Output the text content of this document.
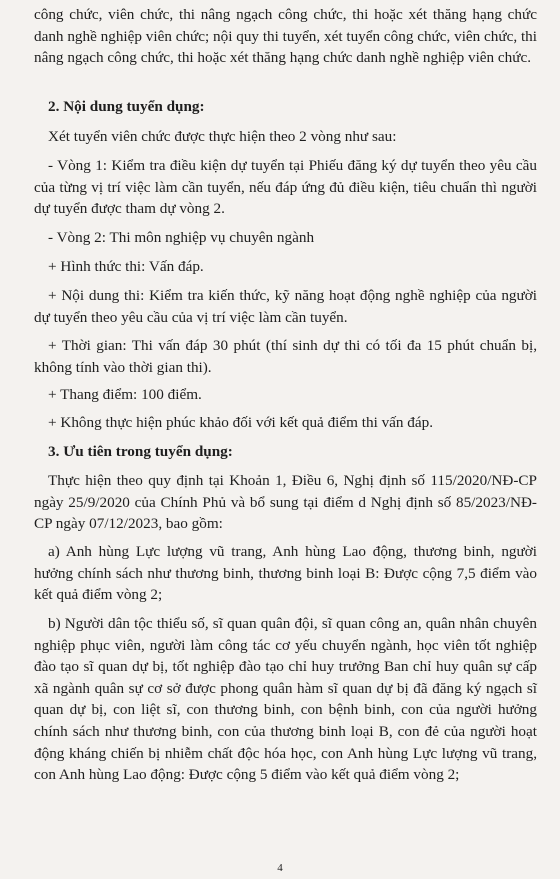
công chức, viên chức, thi nâng ngạch công chức, thi hoặc xét thăng hạng chức danh nghề nghiệp viên chức; nội quy thi tuyển, xét tuyển công chức, viên chức, thi nâng ngạch công chức, thi hoặc xét thăng hạng chức danh nghề nghiệp viên chức.

2. Nội dung tuyển dụng:

Xét tuyển viên chức được thực hiện theo 2 vòng như sau:

- Vòng 1: Kiểm tra điều kiện dự tuyển tại Phiếu đăng ký dự tuyển theo yêu cầu của từng vị trí việc làm cần tuyển, nếu đáp ứng đủ điều kiện, tiêu chuẩn thì người dự tuyển được tham dự vòng 2.

- Vòng 2: Thi môn nghiệp vụ chuyên ngành

+ Hình thức thi: Vấn đáp.

+ Nội dung thi: Kiểm tra kiến thức, kỹ năng hoạt động nghề nghiệp của người dự tuyển theo yêu cầu của vị trí việc làm cần tuyển.

+ Thời gian: Thi vấn đáp 30 phút (thí sinh dự thi có tối đa 15 phút chuẩn bị, không tính vào thời gian thi).

+ Thang điểm: 100 điểm.

+ Không thực hiện phúc khảo đối với kết quả điểm thi vấn đáp.

3. Ưu tiên trong tuyển dụng:

Thực hiện theo quy định tại Khoản 1, Điều 6, Nghị định số 115/2020/NĐ-CP ngày 25/9/2020 của Chính Phủ và bổ sung tại điểm d Nghị định số 85/2023/NĐ-CP ngày 07/12/2023, bao gồm:

a) Anh hùng Lực lượng vũ trang, Anh hùng Lao động, thương binh, người hưởng chính sách như thương binh, thương binh loại B: Được cộng 7,5 điểm vào kết quả điểm vòng 2;

b) Người dân tộc thiểu số, sĩ quan quân đội, sĩ quan công an, quân nhân chuyên nghiệp phục viên, người làm công tác cơ yếu chuyển ngành, học viên tốt nghiệp đào tạo sĩ quan dự bị, tốt nghiệp đào tạo chỉ huy trưởng Ban chỉ huy quân sự cấp xã ngành quân sự cơ sở được phong quân hàm sĩ quan dự bị đã đăng ký ngạch sĩ quan dự bị, con liệt sĩ, con thương binh, con bệnh binh, con của người hưởng chính sách như thương binh, con của thương binh loại B, con đẻ của người hoạt động kháng chiến bị nhiễm chất độc hóa học, con Anh hùng Lực lượng vũ trang, con Anh hùng Lao động: Được cộng 5 điểm vào kết quả điểm vòng 2;

4
